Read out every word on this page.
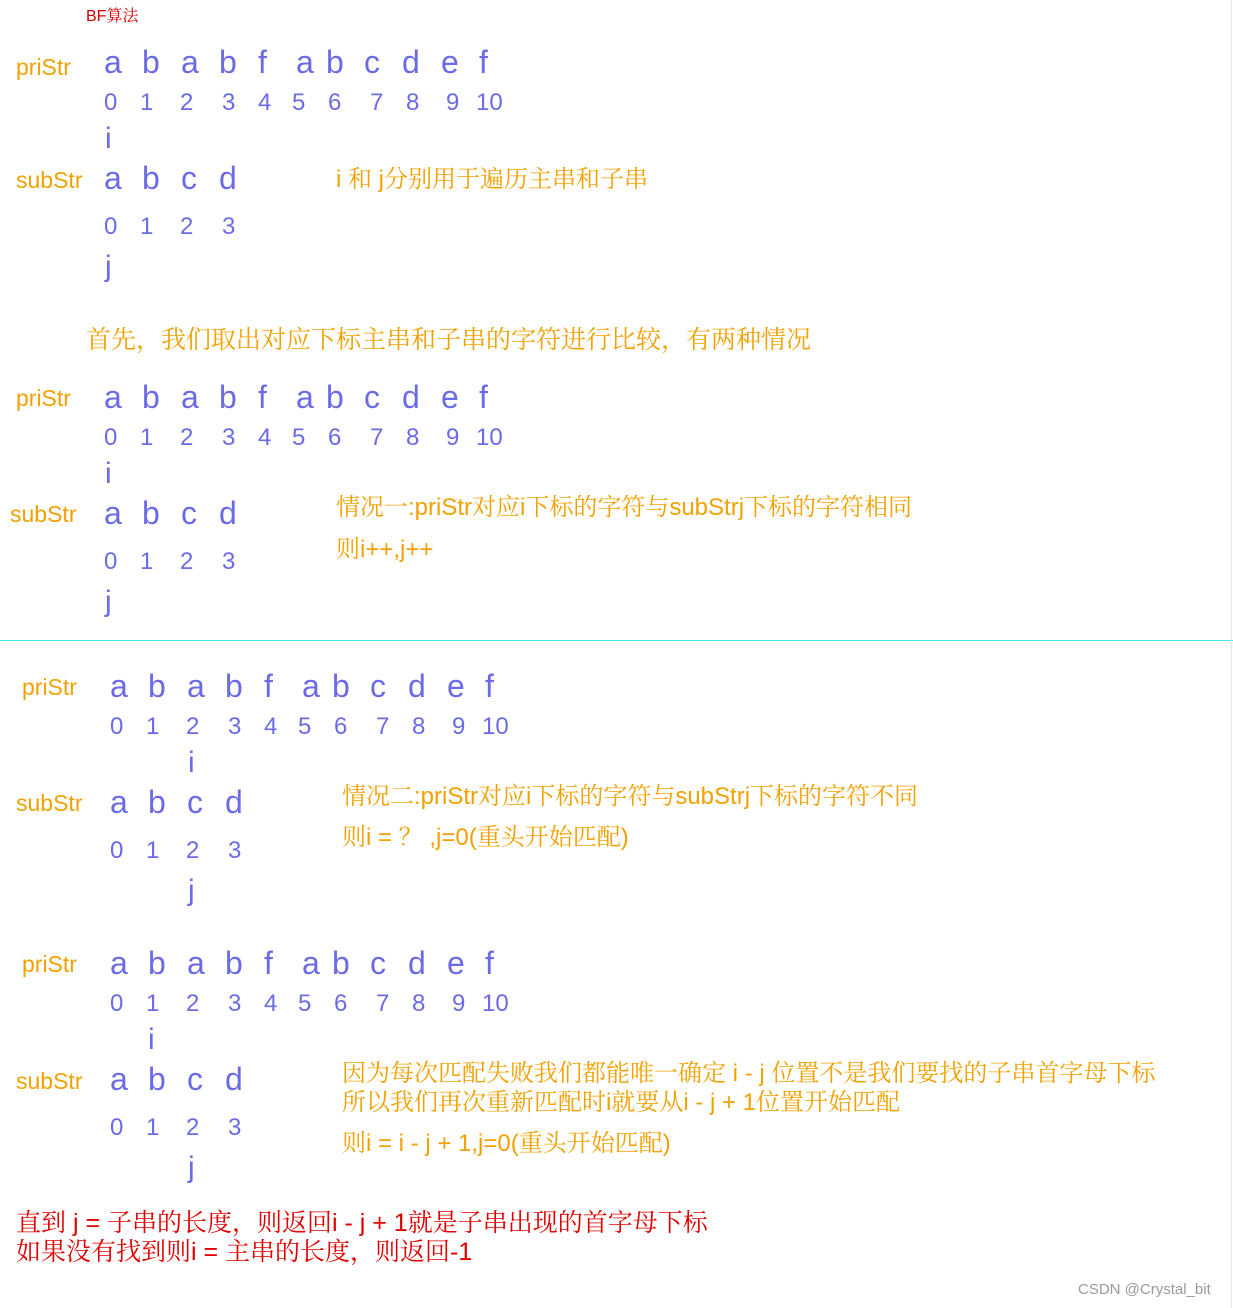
BF算法
priStr a b a b f a b c d e f
0 1 2 3 4 5 6 7 8 9 10
i
subStr a b c d
0 1 2 3
j
i 和 j分别用于遍历主串和子串
首先，我们取出对应下标主串和子串的字符进行比较，有两种情况
priStr a b a b f a b c d e f
0 1 2 3 4 5 6 7 8 9 10
i
subStr a b c d
0 1 2 3
j
情况一:priStr对应i下标的字符与subStrj下标的字符相同
则i++,j++
priStr a b a b f a b c d e f
0 1 2 3 4 5 6 7 8 9 10
i
subStr a b c d
0 1 2 3
j
情况二:priStr对应i下标的字符与subStrj下标的字符不同
则i = ？ ,j=0(重头开始匹配)
priStr a b a b f a b c d e f
0 1 2 3 4 5 6 7 8 9 10
i
subStr a b c d
0 1 2 3
j
因为每次匹配失败我们都能唯一确定 i - j 位置不是我们要找的子串首字母下标
所以我们再次重新匹配时i就要从i - j + 1位置开始匹配
则i = i - j + 1,j=0(重头开始匹配)
直到 j = 子串的长度，则返回i - j + 1就是子串出现的首字母下标
如果没有找到则i = 主串的长度，则返回-1
CSDN @Crystal_bit
